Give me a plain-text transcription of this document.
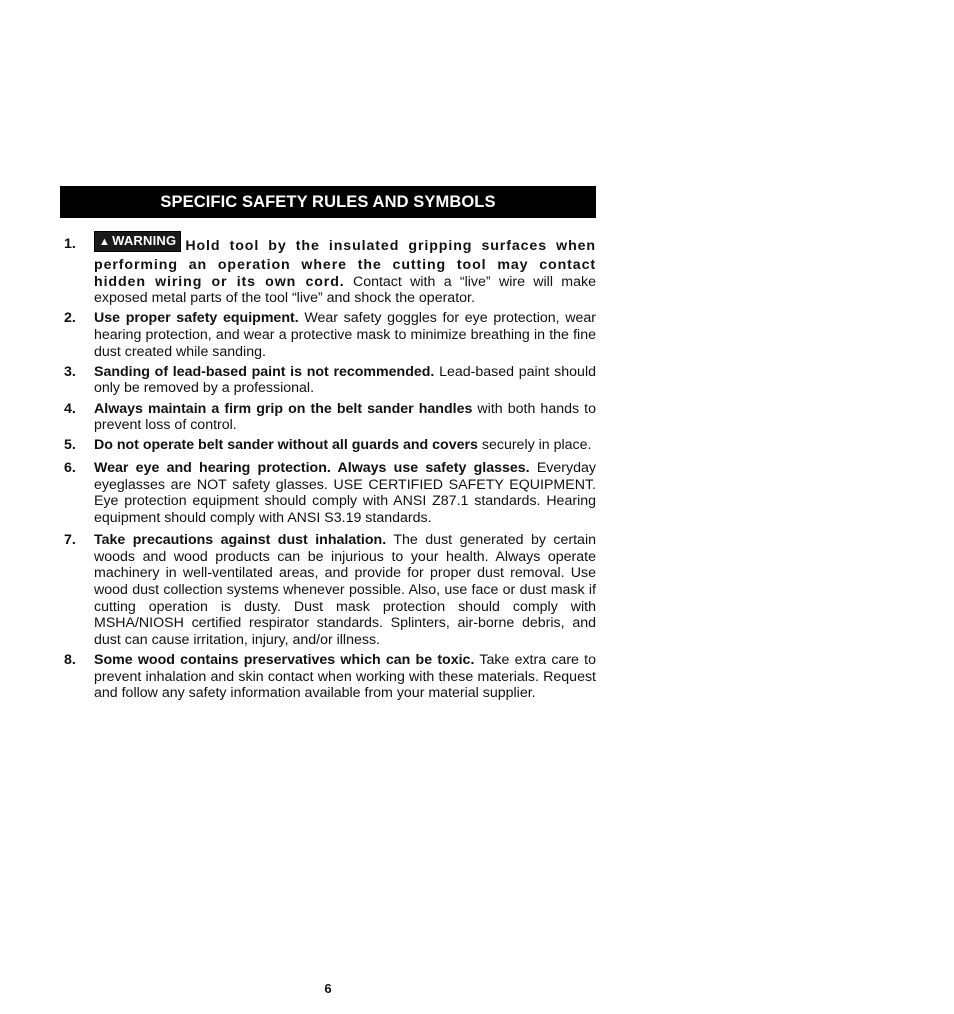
SPECIFIC SAFETY RULES AND SYMBOLS
1.	▲ WARNING Hold tool by the insulated gripping surfaces when performing an operation where the cutting tool may contact hidden wiring or its own cord. Contact with a “live” wire will make exposed metal parts of the tool “live” and shock the operator.
2. Use proper safety equipment. Wear safety goggles for eye protection, wear hearing protection, and wear a protective mask to minimize breathing in the fine dust created while sanding.
3. Sanding of lead-based paint is not recommended. Lead-based paint should only be removed by a professional.
4. Always maintain a firm grip on the belt sander handles with both hands to prevent loss of control.
5. Do not operate belt sander without all guards and covers securely in place.
6. Wear eye and hearing protection. Always use safety glasses. Everyday eyeglasses are NOT safety glasses. USE CERTIFIED SAFETY EQUIPMENT. Eye protection equipment should comply with ANSI Z87.1 standards. Hearing equipment should comply with ANSI S3.19 standards.
7. Take precautions against dust inhalation. The dust generated by certain woods and wood products can be injurious to your health. Always operate machinery in well-ventilated areas, and provide for proper dust removal. Use wood dust collection systems whenever possible. Also, use face or dust mask if cutting operation is dusty. Dust mask protection should comply with MSHA/NIOSH certified respirator standards. Splinters, air-borne debris, and dust can cause irritation, injury, and/or illness.
8. Some wood contains preservatives which can be toxic. Take extra care to prevent inhalation and skin contact when working with these materials. Request and follow any safety information available from your material supplier.
6
